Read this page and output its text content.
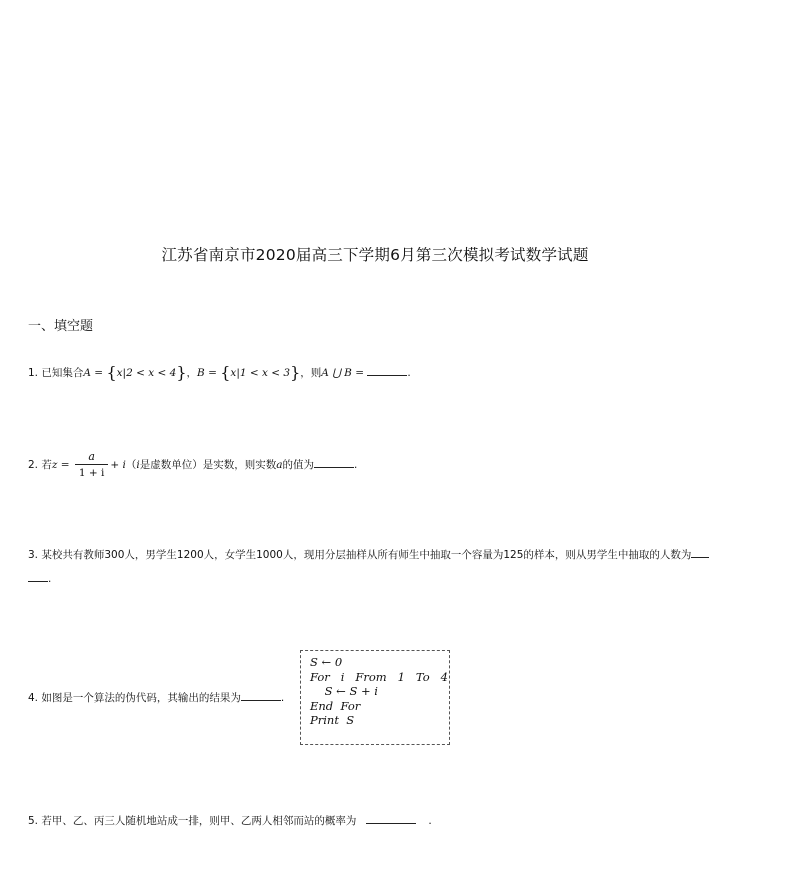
江苏省南京市2020届高三下学期6月第三次模拟考试数学试题
一、填空题
1. 已知集合A = {x|2 < x < 4}，B = {x|1 < x < 3}，则A ⋃ B =	.
2. 若$z = \frac{a}{1 + i} + i(i$是虚数单位）是实数，则实数a的值为	.
3. 某校共有教师300人，男学生1200人，女学生1000人，现用分层抽样从所有师生中抽取一个容量为125的样本，则从男学生中抽取的人数为
.
4. 如图是一个算法的伪代码，其输出的结果为	.
S ← 0
For   i   From   1   To   4
S ← S + i
End  For
Print  S
5. 若甲、乙、丙三人随机地站成一排，则甲、乙两人相邻而站的概率为	.
